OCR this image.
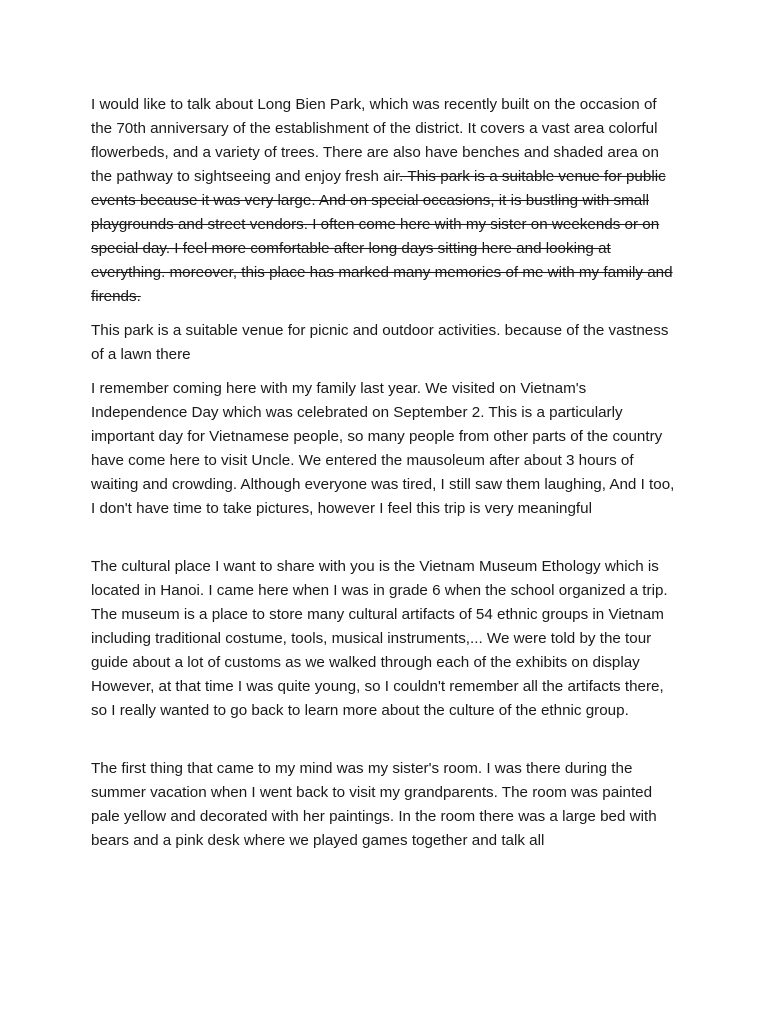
I would like to talk about Long Bien Park, which was recently built on the occasion of the 70th anniversary of the establishment of the district. It covers a vast area colorful flowerbeds, and a variety of trees. There are also have benches and shaded area on the pathway to sightseeing and enjoy fresh air. This park is a suitable venue for public events because it was very large. And on special occasions, it is bustling with small playgrounds and street vendors. I often come here with my sister on weekends or on special day. I feel more comfortable after long days sitting here and looking at everything. moreover, this place has marked many memories of me with my family and firends.

This park is a suitable venue for picnic and outdoor activities. because of the vastness of a lawn there

I remember coming here with my family last year. We visited on Vietnam's Independence Day which was celebrated on September 2. This is a particularly important day for Vietnamese people, so many people from other parts of the country have come here to visit Uncle. We entered the mausoleum after about 3 hours of waiting and crowding. Although everyone was tired, I still saw them laughing, And I too, I don't have time to take pictures, however I feel this trip is very meaningful

The cultural place I want to share with you is the Vietnam Museum Ethology which is located in Hanoi. I came here when I was in grade 6 when the school organized a trip. The museum is a place to store many cultural artifacts of 54 ethnic groups in Vietnam including traditional costume, tools, musical instruments,... We were told by the tour guide about a lot of customs as we walked through each of the exhibits on display However, at that time I was quite young, so I couldn't remember all the artifacts there, so I really wanted to go back to learn more about the culture of the ethnic group.

The first thing that came to my mind was my sister's room. I was there during the summer vacation when I went back to visit my grandparents. The room was painted pale yellow and decorated with her paintings. In the room there was a large bed with bears and a pink desk where we played games together and talk all
